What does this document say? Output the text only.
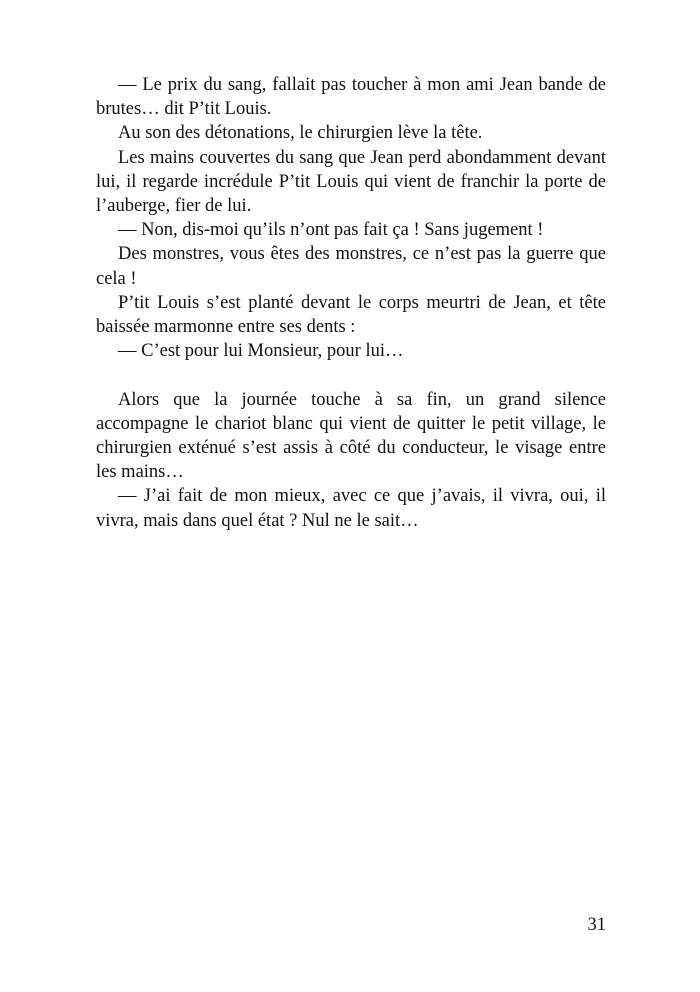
— Le prix du sang, fallait pas toucher à mon ami Jean bande de brutes… dit P’tit Louis.

Au son des détonations, le chirurgien lève la tête.

Les mains couvertes du sang que Jean perd abondamment devant lui, il regarde incrédule P’tit Louis qui vient de franchir la porte de l’auberge, fier de lui.

— Non, dis-moi qu’ils n’ont pas fait ça ! Sans jugement !

Des monstres, vous êtes des monstres, ce n’est pas la guerre que cela !

P’tit Louis s’est planté devant le corps meurtri de Jean, et tête baissée marmonne entre ses dents :

— C’est pour lui Monsieur, pour lui…

Alors que la journée touche à sa fin, un grand silence accompagne le chariot blanc qui vient de quitter le petit village, le chirurgien exténué s’est assis à côté du conducteur, le visage entre les mains…

— J’ai fait de mon mieux, avec ce que j’avais, il vivra, oui, il vivra, mais dans quel état ? Nul ne le sait…

31
